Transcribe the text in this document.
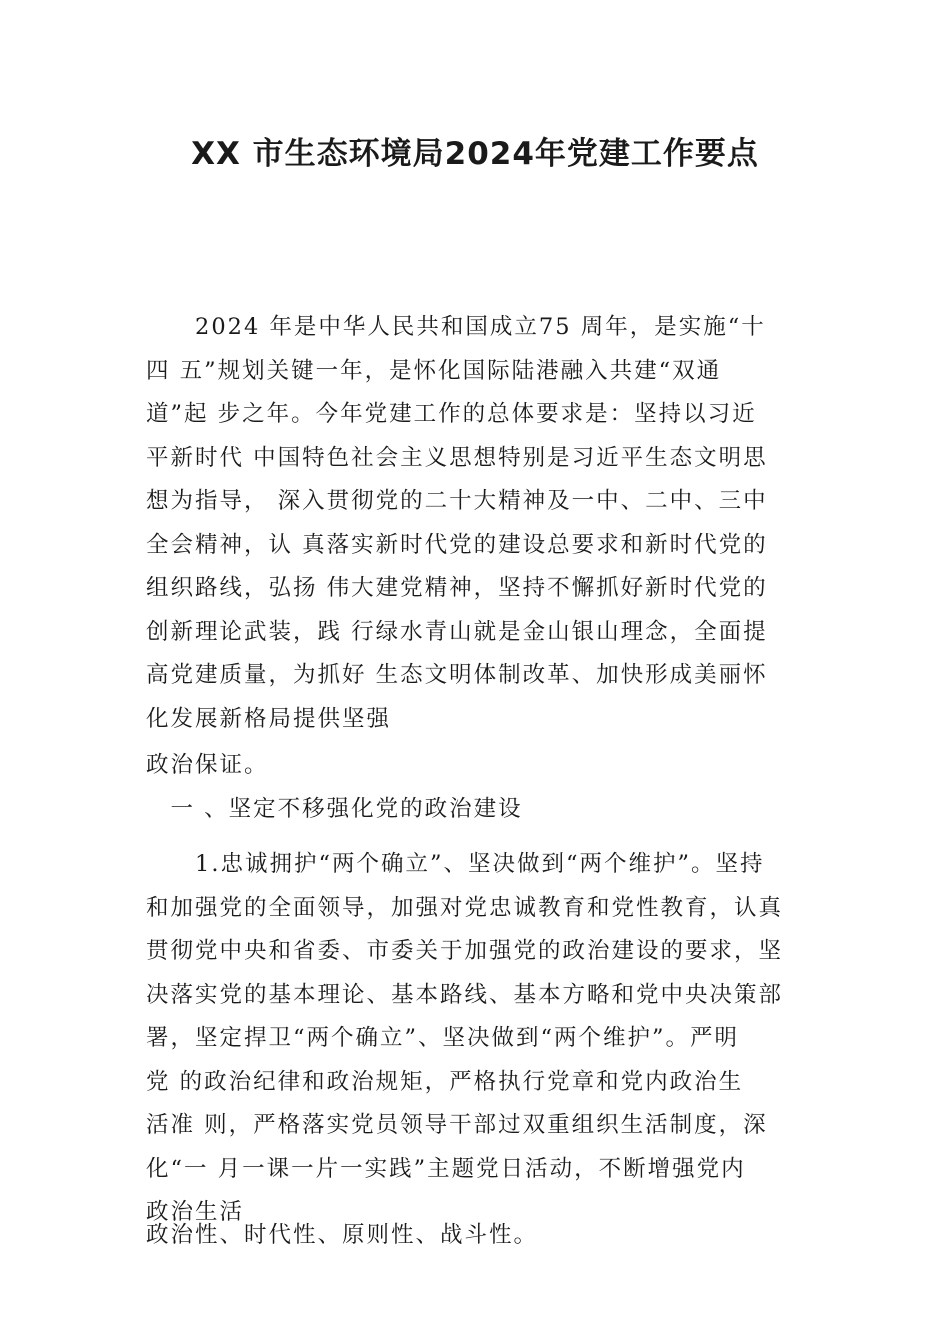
XX 市生态环境局2024年党建工作要点
　　2024 年是中华人民共和国成立75 周年，是实施“十
四 五”规划关键一年，是怀化国际陆港融入共建“双通
道”起 步之年。今年党建工作的总体要求是：坚持以习近
平新时代 中国特色社会主义思想特别是习近平生态文明思
想为指导， 深入贯彻党的二十大精神及一中、二中、三中
全会精神，认 真落实新时代党的建设总要求和新时代党的
组织路线，弘扬 伟大建党精神，坚持不懈抓好新时代党的
创新理论武装，践 行绿水青山就是金山银山理念，全面提
高党建质量，为抓好 生态文明体制改革、加快形成美丽怀
化发展新格局提供坚强
政治保证。
　一 、坚定不移强化党的政治建设
　　1.忠诚拥护“两个确立”、坚决做到“两个维护”。坚持
和加强党的全面领导，加强对党忠诚教育和党性教育，认真
贯彻党中央和省委、市委关于加强党的政治建设的要求，坚
决落实党的基本理论、基本路线、基本方略和党中央决策部
署，坚定捍卫“两个确立”、坚决做到“两个维护”。严明
党 的政治纪律和政治规矩，严格执行党章和党内政治生
活准 则，严格落实党员领导干部过双重组织生活制度，深
化“一 月一课一片一实践”主题党日活动，不断增强党内
政治生活
政治性、时代性、原则性、战斗性。
